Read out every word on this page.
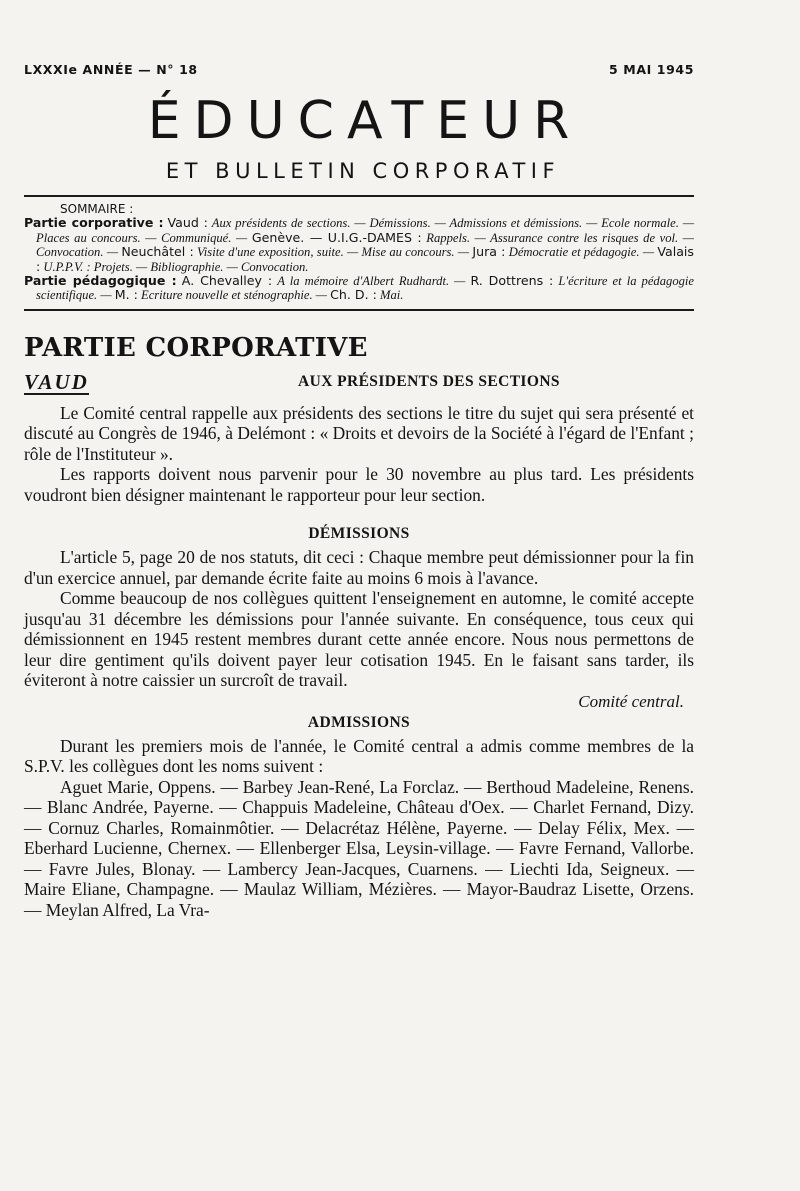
LXXXIe ANNÉE — N° 18	5 MAI 1945
ÉDUCATEUR
ET BULLETIN CORPORATIF
SOMMAIRE :

Partie corporative : Vaud : Aux présidents de sections. — Démissions. — Admissions et démissions. — Ecole normale. — Places au concours. — Communiqué. — Genève. — U.I.G.-DAMES : Rappels. — Assurance contre les risques de vol. — Convocation. — Neuchâtel : Visite d'une exposition, suite. — Mise au concours. — Jura : Démocratie et pédagogie. — Valais : U.P.P.V. : Projets. — Bibliographie. — Convocation.

Partie pédagogique : A. Chevalley : A la mémoire d'Albert Rudhardt. — R. Dottrens : L'écriture et la pédagogie scientifique. — M. : Ecriture nouvelle et sténographie. — Ch. D. : Mai.

PARTIE CORPORATIVE
VAUD	AUX PRÉSIDENTS DES SECTIONS

Le Comité central rappelle aux présidents des sections le titre du sujet qui sera présenté et discuté au Congrès de 1946, à Delémont : « Droits et devoirs de la Société à l'égard de l'Enfant ; rôle de l'Instituteur ».

Les rapports doivent nous parvenir pour le 30 novembre au plus tard. Les présidents voudront bien désigner maintenant le rapporteur pour leur section.

DÉMISSIONS

L'article 5, page 20 de nos statuts, dit ceci : Chaque membre peut démissionner pour la fin d'un exercice annuel, par demande écrite faite au moins 6 mois à l'avance.

Comme beaucoup de nos collègues quittent l'enseignement en automne, le comité accepte jusqu'au 31 décembre les démissions pour l'année suivante. En conséquence, tous ceux qui démissionnent en 1945 restent membres durant cette année encore. Nous nous permettons de leur dire gentiment qu'ils doivent payer leur cotisation 1945. En le faisant sans tarder, ils éviteront à notre caissier un surcroît de travail.

Comité central.
ADMISSIONS

Durant les premiers mois de l'année, le Comité central a admis comme membres de la S.P.V. les collègues dont les noms suivent :

Aguet Marie, Oppens. — Barbey Jean-René, La Forclaz. — Berthoud Madeleine, Renens. — Blanc Andrée, Payerne. — Chappuis Madeleine, Château d'Oex. — Charlet Fernand, Dizy. — Cornuz Charles, Romainmôtier. — Delacrétaz Hélène, Payerne. — Delay Félix, Mex. — Eberhard Lucienne, Chernex. — Ellenberger Elsa, Leysin-village. — Favre Fernand, Vallorbe. — Favre Jules, Blonay. — Lambercy Jean-Jacques, Cuarnens. — Liechti Ida, Seigneux. — Maire Eliane, Champagne. — Maulaz William, Mézières. — Mayor-Baudraz Lisette, Orzens. — Meylan Alfred, La Vra-
